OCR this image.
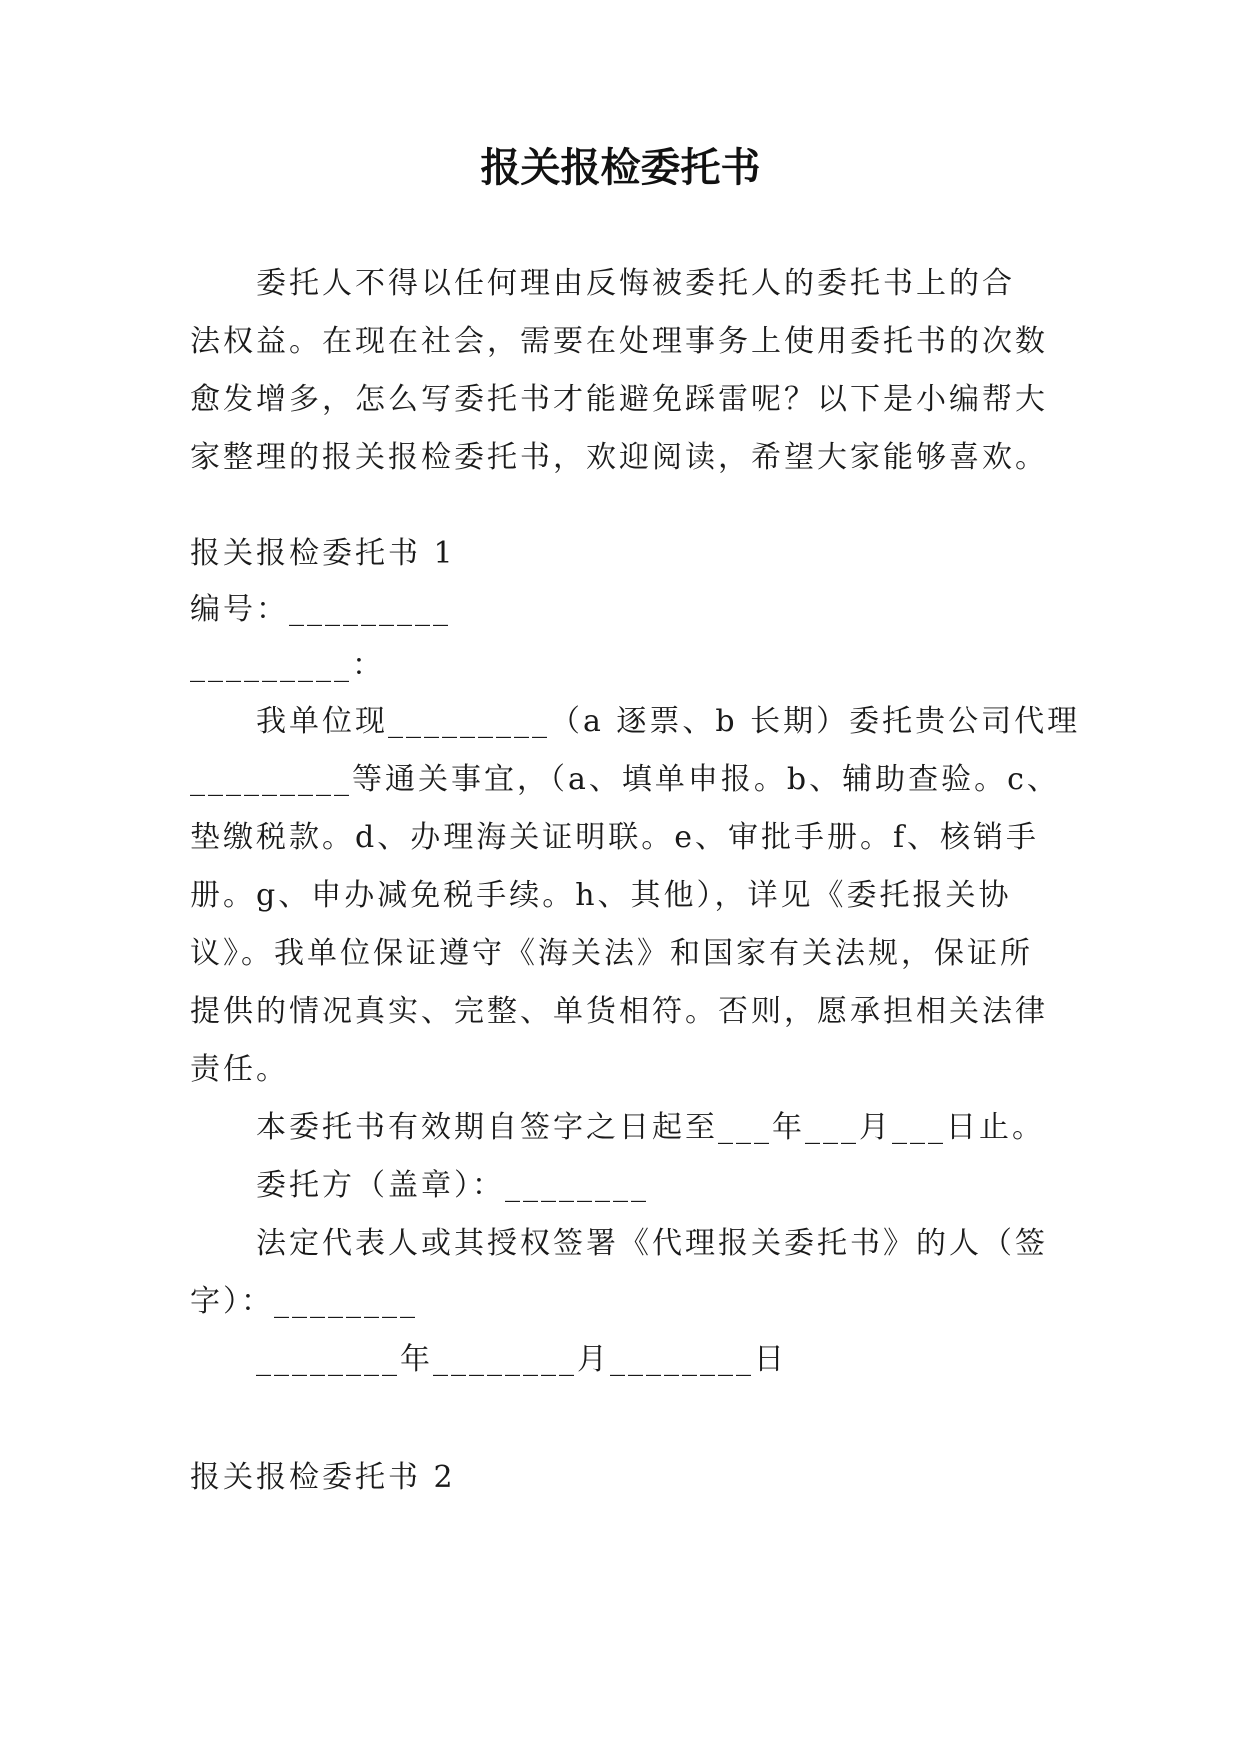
报关报检委托书
委托人不得以任何理由反悔被委托人的委托书上的合
法权益。在现在社会，需要在处理事务上使用委托书的次数
愈发增多，怎么写委托书才能避免踩雷呢？以下是小编帮大
家整理的报关报检委托书，欢迎阅读，希望大家能够喜欢。
报关报检委托书 1
编号：_________
_________：
我单位现_________（a 逐票、b 长期）委托贵公司代理
_________等通关事宜，（a、填单申报。b、辅助查验。c、
垫缴税款。d、办理海关证明联。e、审批手册。f、核销手
册。g、申办减免税手续。h、其他），详见《委托报关协
议》。我单位保证遵守《海关法》和国家有关法规，保证所
提供的情况真实、完整、单货相符。否则，愿承担相关法律
责任。
本委托书有效期自签字之日起至___年___月___日止。
委托方（盖章）：________
法定代表人或其授权签署《代理报关委托书》的人（签
字）：________
________年________月________日
报关报检委托书 2
